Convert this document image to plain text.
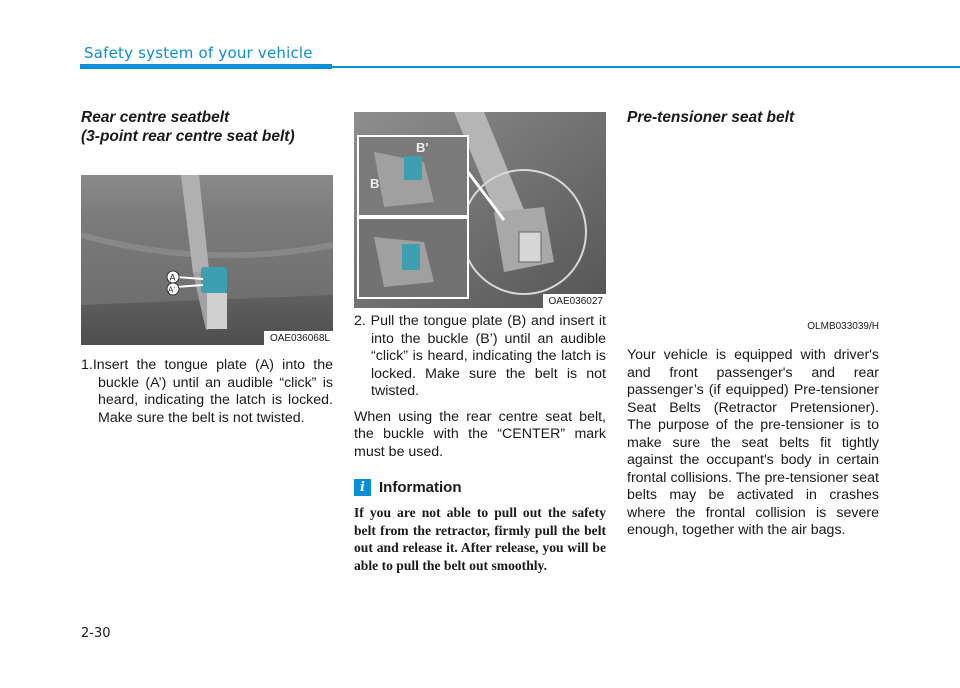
Safety system of your vehicle

Rear centre seatbelt
(3-point rear centre seat belt)

A
A'
OAE036068L

1.Insert the tongue plate (A) into the buckle (A’) until an audible “click” is heard, indicating the latch is locked. Make sure the belt is not twisted.

B'
B
OAE036027

2. Pull the tongue plate (B) and insert it into the buckle (B’) until an audible “click” is heard, indicating the latch is locked. Make sure the belt is not twisted.

When using the rear centre seat belt, the buckle with the “CENTER” mark must be used.

i Information

If you are not able to pull out the safety belt from the retractor, firmly pull the belt out and release it. After release, you will be able to pull the belt out smoothly.

Pre-tensioner seat belt

OLMB033039/H

Your vehicle is equipped with driver's and front passenger's and rear passenger’s (if equipped) Pre-tensioner Seat Belts (Retractor Pretensioner). The purpose of the pre-tensioner is to make sure the seat belts fit tightly against the occupant's body in certain frontal collisions. The pre-tensioner seat belts may be activated in crashes where the frontal collision is severe enough, together with the air bags.

2-30
